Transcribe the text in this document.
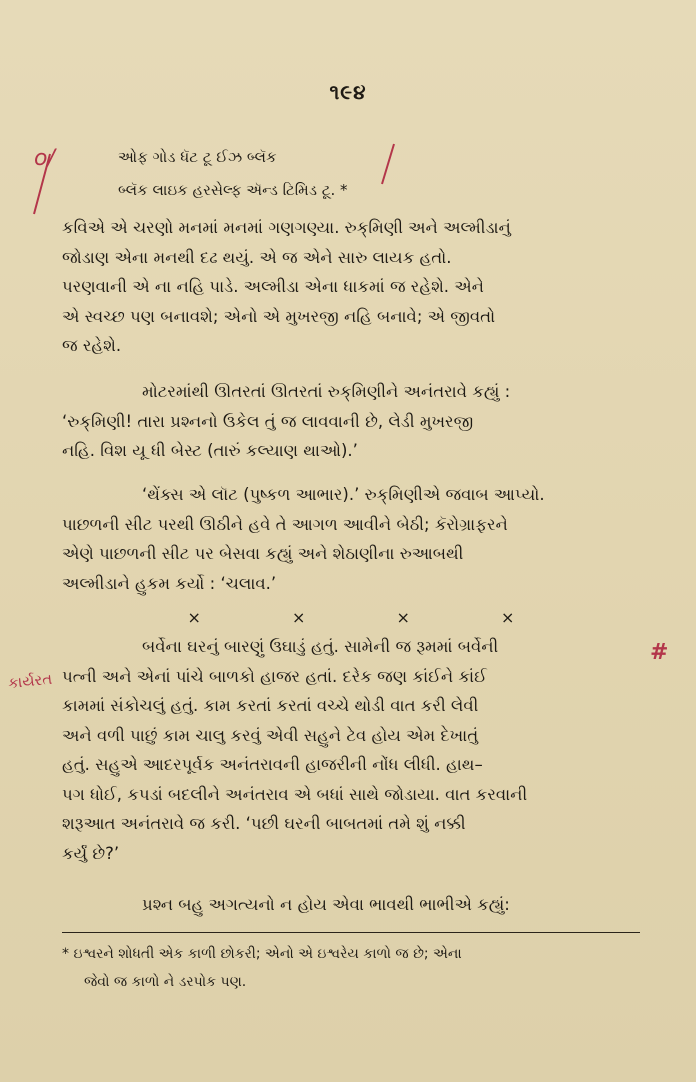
૧૯૪
o/	ઓફ ગોડ ધૅટ ટૂ ઈઝ બ્લૅક
બ્લૅક લાઇક હરસેલ્ફ ઍન્ડ ટિમિડ ટૂ. *
કવિએ એ ચરણો મનમાં મનમાં ગણગણ્યા. રુક્‌મિણી અને અલ્મીડાનું
જોડાણ એના મનથી દઢ થયું. એ જ એને સારુ લાયક હતો.
પરણવાની એ ના નહિ પાડે. અલ્મીડા એના ધાકમાં જ રહેશે. એને
એ સ્વચ્છ પણ બનાવશે; એનો એ મુખરજી નહિ બનાવે; એ જીવતો
જ રહેશે.
મોટરમાંથી ઊતરતાં ઊતરતાં રુક્‌મિણીને અનંતરાવે કહ્યું :
‘રુક્‌મિણી! તારા પ્રશ્નનો ઉકેલ તું જ લાવવાની છે, લેડી મુખરજી
નહિ. વિશ યૂ ધી બેસ્ટ (તારું કલ્યાણ થાઓ).’
‘થેંક્સ એ લૉટ (પુષ્કળ આભાર).’ રુક્‌મિણીએ જવાબ આપ્યો.
પાછળની સીટ પરથી ઊઠીને હવે તે આગળ આવીને બેઠી; કૅરોગ્રાફરને
એણે પાછળની સીટ પર બેસવા કહ્યું અને શેઠાણીના રુઆબથી
અલ્મીડાને હુકમ કર્યો : ‘ચલાવ.’
×	×	×	×
બર્વેના ઘરનું બારણું ઉઘાડું હતું. સામેની જ રૂમમાં બર્વેની
પત્ની અને એનાં પાંચે બાળકો હાજર હતાં. દરેક જણ કાંઈને કાંઈ
કામમાં સંકોચલું હતું. કામ કરતાં કરતાં વચ્ચે થોડી વાત કરી લેવી
અને વળી પાછું કામ ચાલુ કરવું એવી સહુને ટેવ હોય એમ દેખાતું
હતું. સહુએ આદરપૂર્વક અનંતરાવની હાજરીની નોંધ લીધી. હાથ–
પગ ધોઈ, કપડાં બદલીને અનંતરાવ એ બધાં સાથે જોડાયા. વાત કરવાની
શરૂઆત અનંતરાવે જ કરી. ‘પછી ઘરની બાબતમાં તમે શું નક્કી
કર્યું છે?’
પ્રશ્ન બહુ અગત્યનો ન હોય એવા ભાવથી ભાભીએ કહ્યું:
કાર્યરત
#
* ઇશ્વરને શોધતી એક કાળી છોકરી; એનો એ ઇશ્વરેય કાળો જ છે; એના
જેવો જ કાળો ને ડરપોક પણ.
